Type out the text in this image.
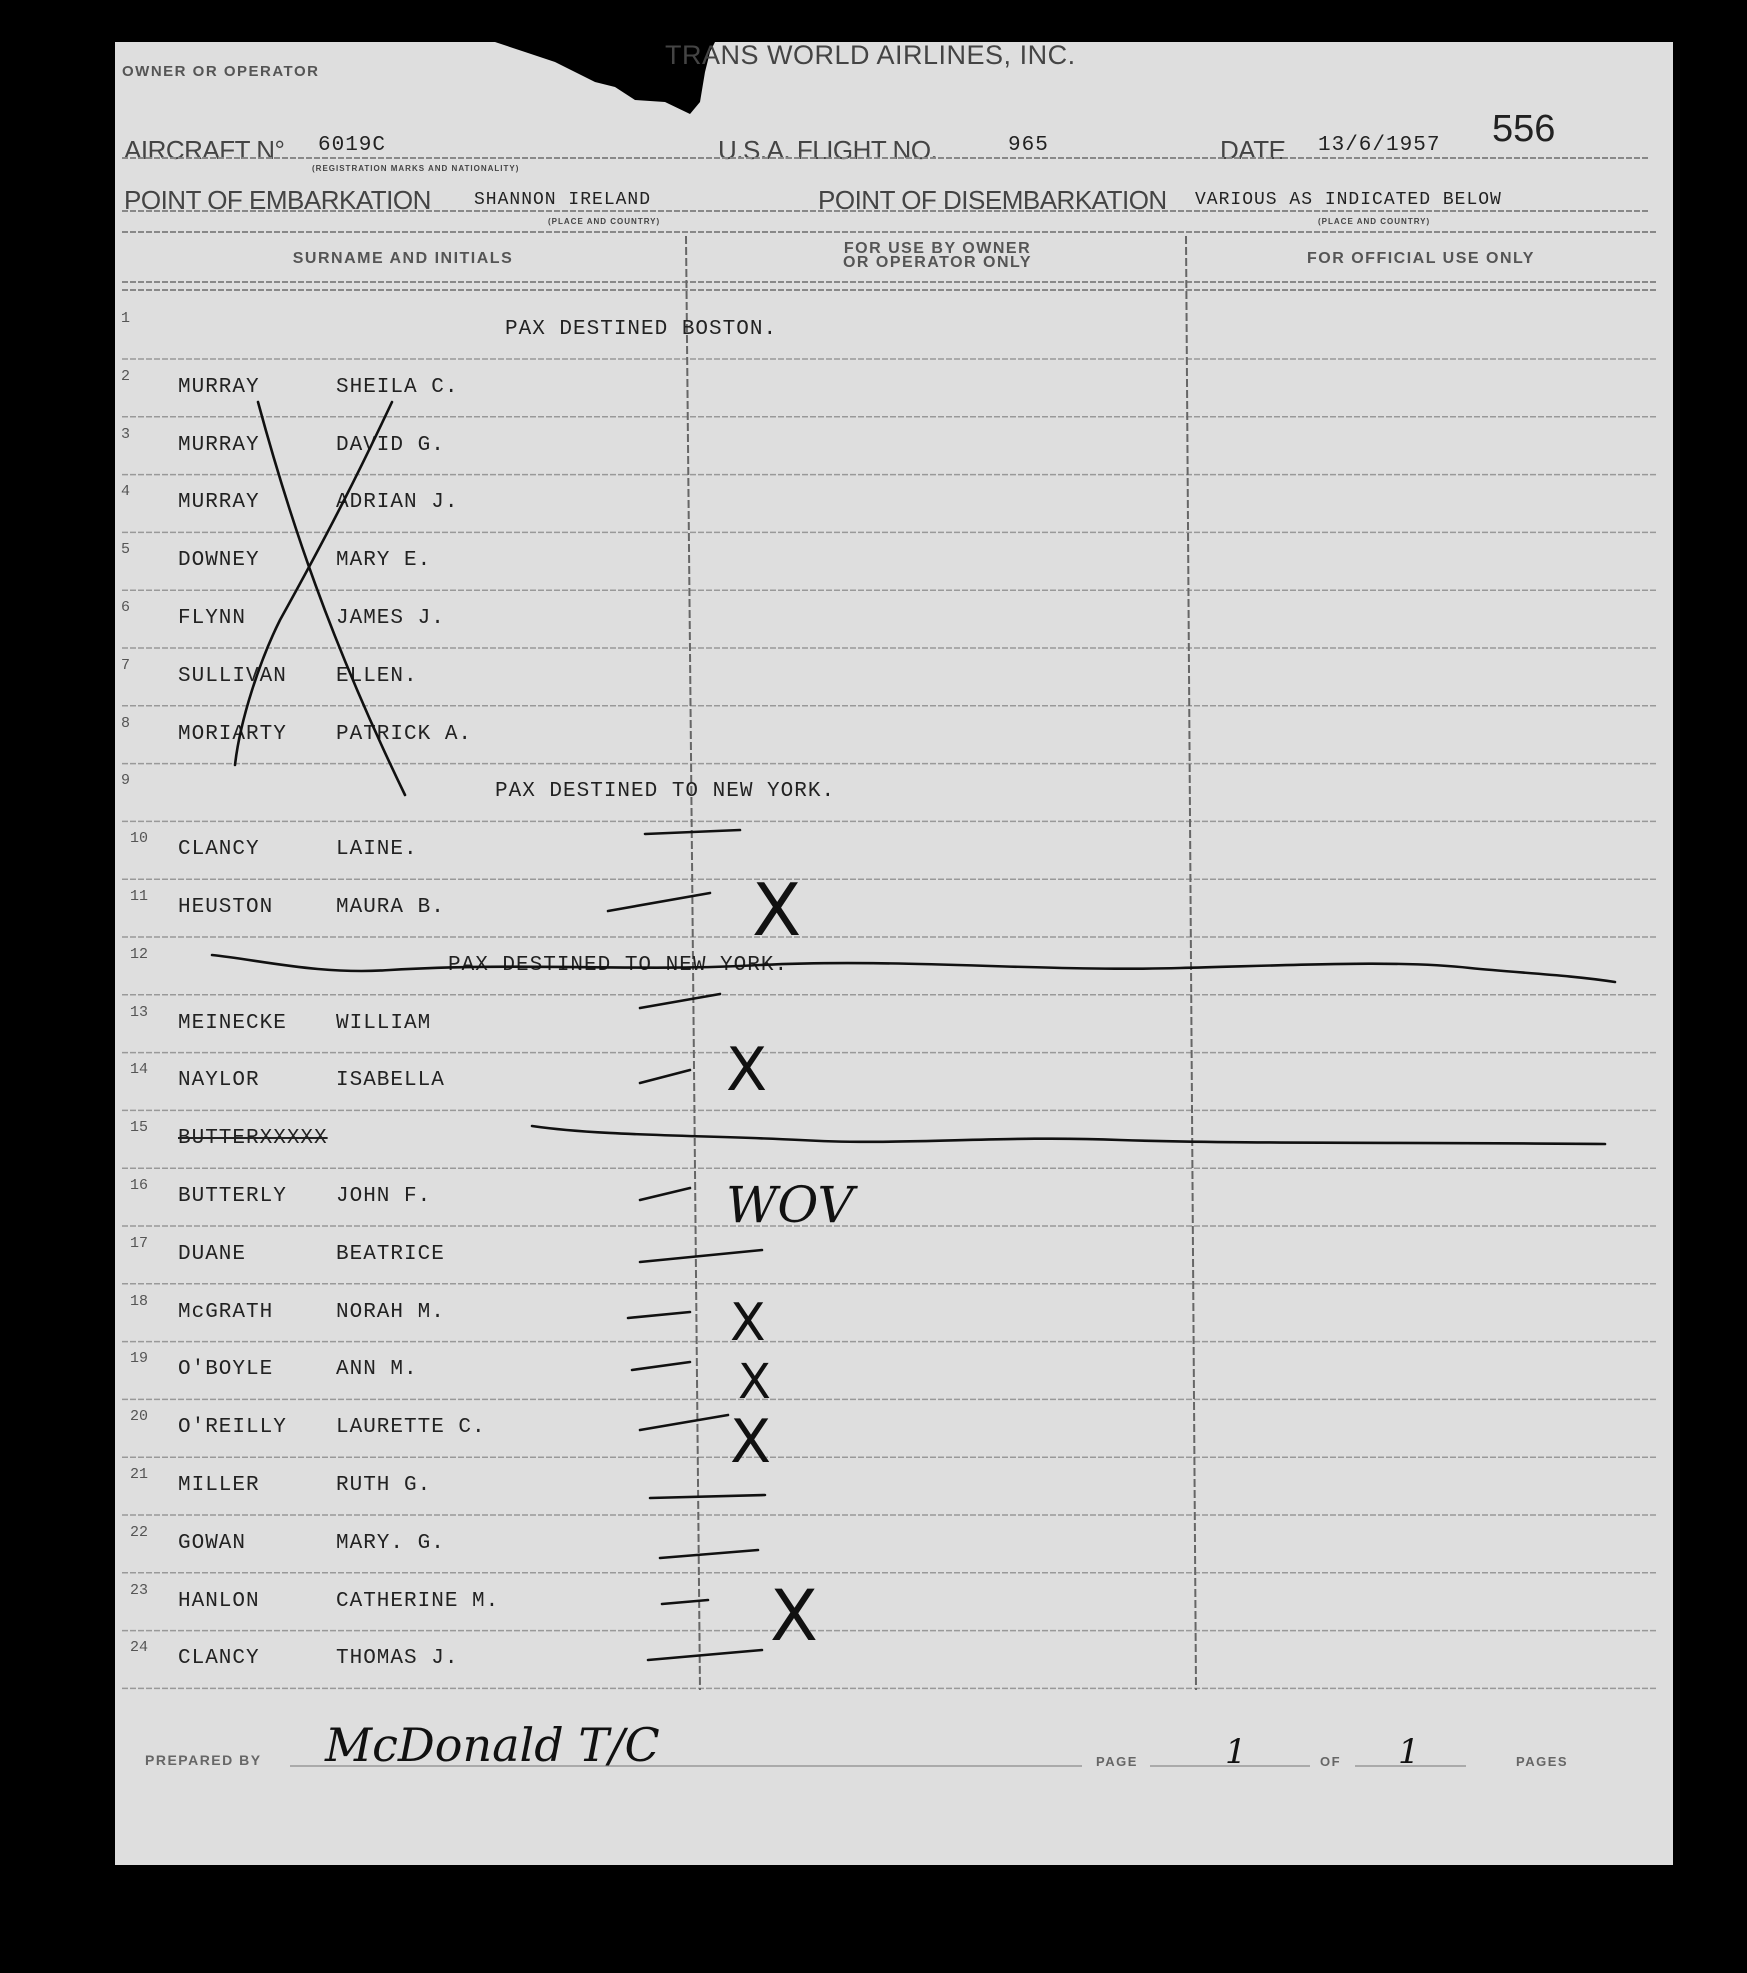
OWNER OR OPERATOR
TRANS WORLD AIRLINES, INC.
556
AIRCRAFT N° 6019C
(REGISTRATION MARKS AND NATIONALITY)
U.S.A. FLIGHT NO.	965	DATE 13/6/1957
POINT OF EMBARKATION SHANNON IRELAND
(PLACE AND COUNTRY)
POINT OF DISEMBARKATION VARIOUS AS INDICATED BELOW
(PLACE AND COUNTRY)
SURNAME AND INITIALS
FOR USE BY OWNER
OR OPERATOR ONLY	FOR OFFICIAL USE ONLY
1	PAX DESTINED BOSTON.
2 MURRAY	SHEILA C.
3 MURRAY	DAVID G.
4 MURRAY	ADRIAN J.
5 DOWNEY	MARY E.
6 FLYNN	JAMES J.
7 SULLIVAN ELLEN.
8 MORIARTY PATRICK A.
9	PAX DESTINED TO NEW YORK.
10 CLANCY	LAINE.
11 HEUSTON	MAURA B.
12	PAX DESTINED TO NEW YORK.
13 MEINECKE WILLIAM
14 NAYLOR	ISABELLA
15 BUTTERXXXXX
16 BUTTERLY JOHN F.
17 DUANE	BEATRICE
18 McGRATH	NORAH M.
19 O'BOYLE	ANN M.
20 O'REILLY LAURETTE C.
21 MILLER	RUTH G.
22 GOWAN	MARY. G.
23 HANLON	CATHERINE M.
24 CLANCY	THOMAS J.
X
X
X
X
X
X
WOV
PREPARED BY McDonald T/C	PAGE	1	OF 1	PAGES
